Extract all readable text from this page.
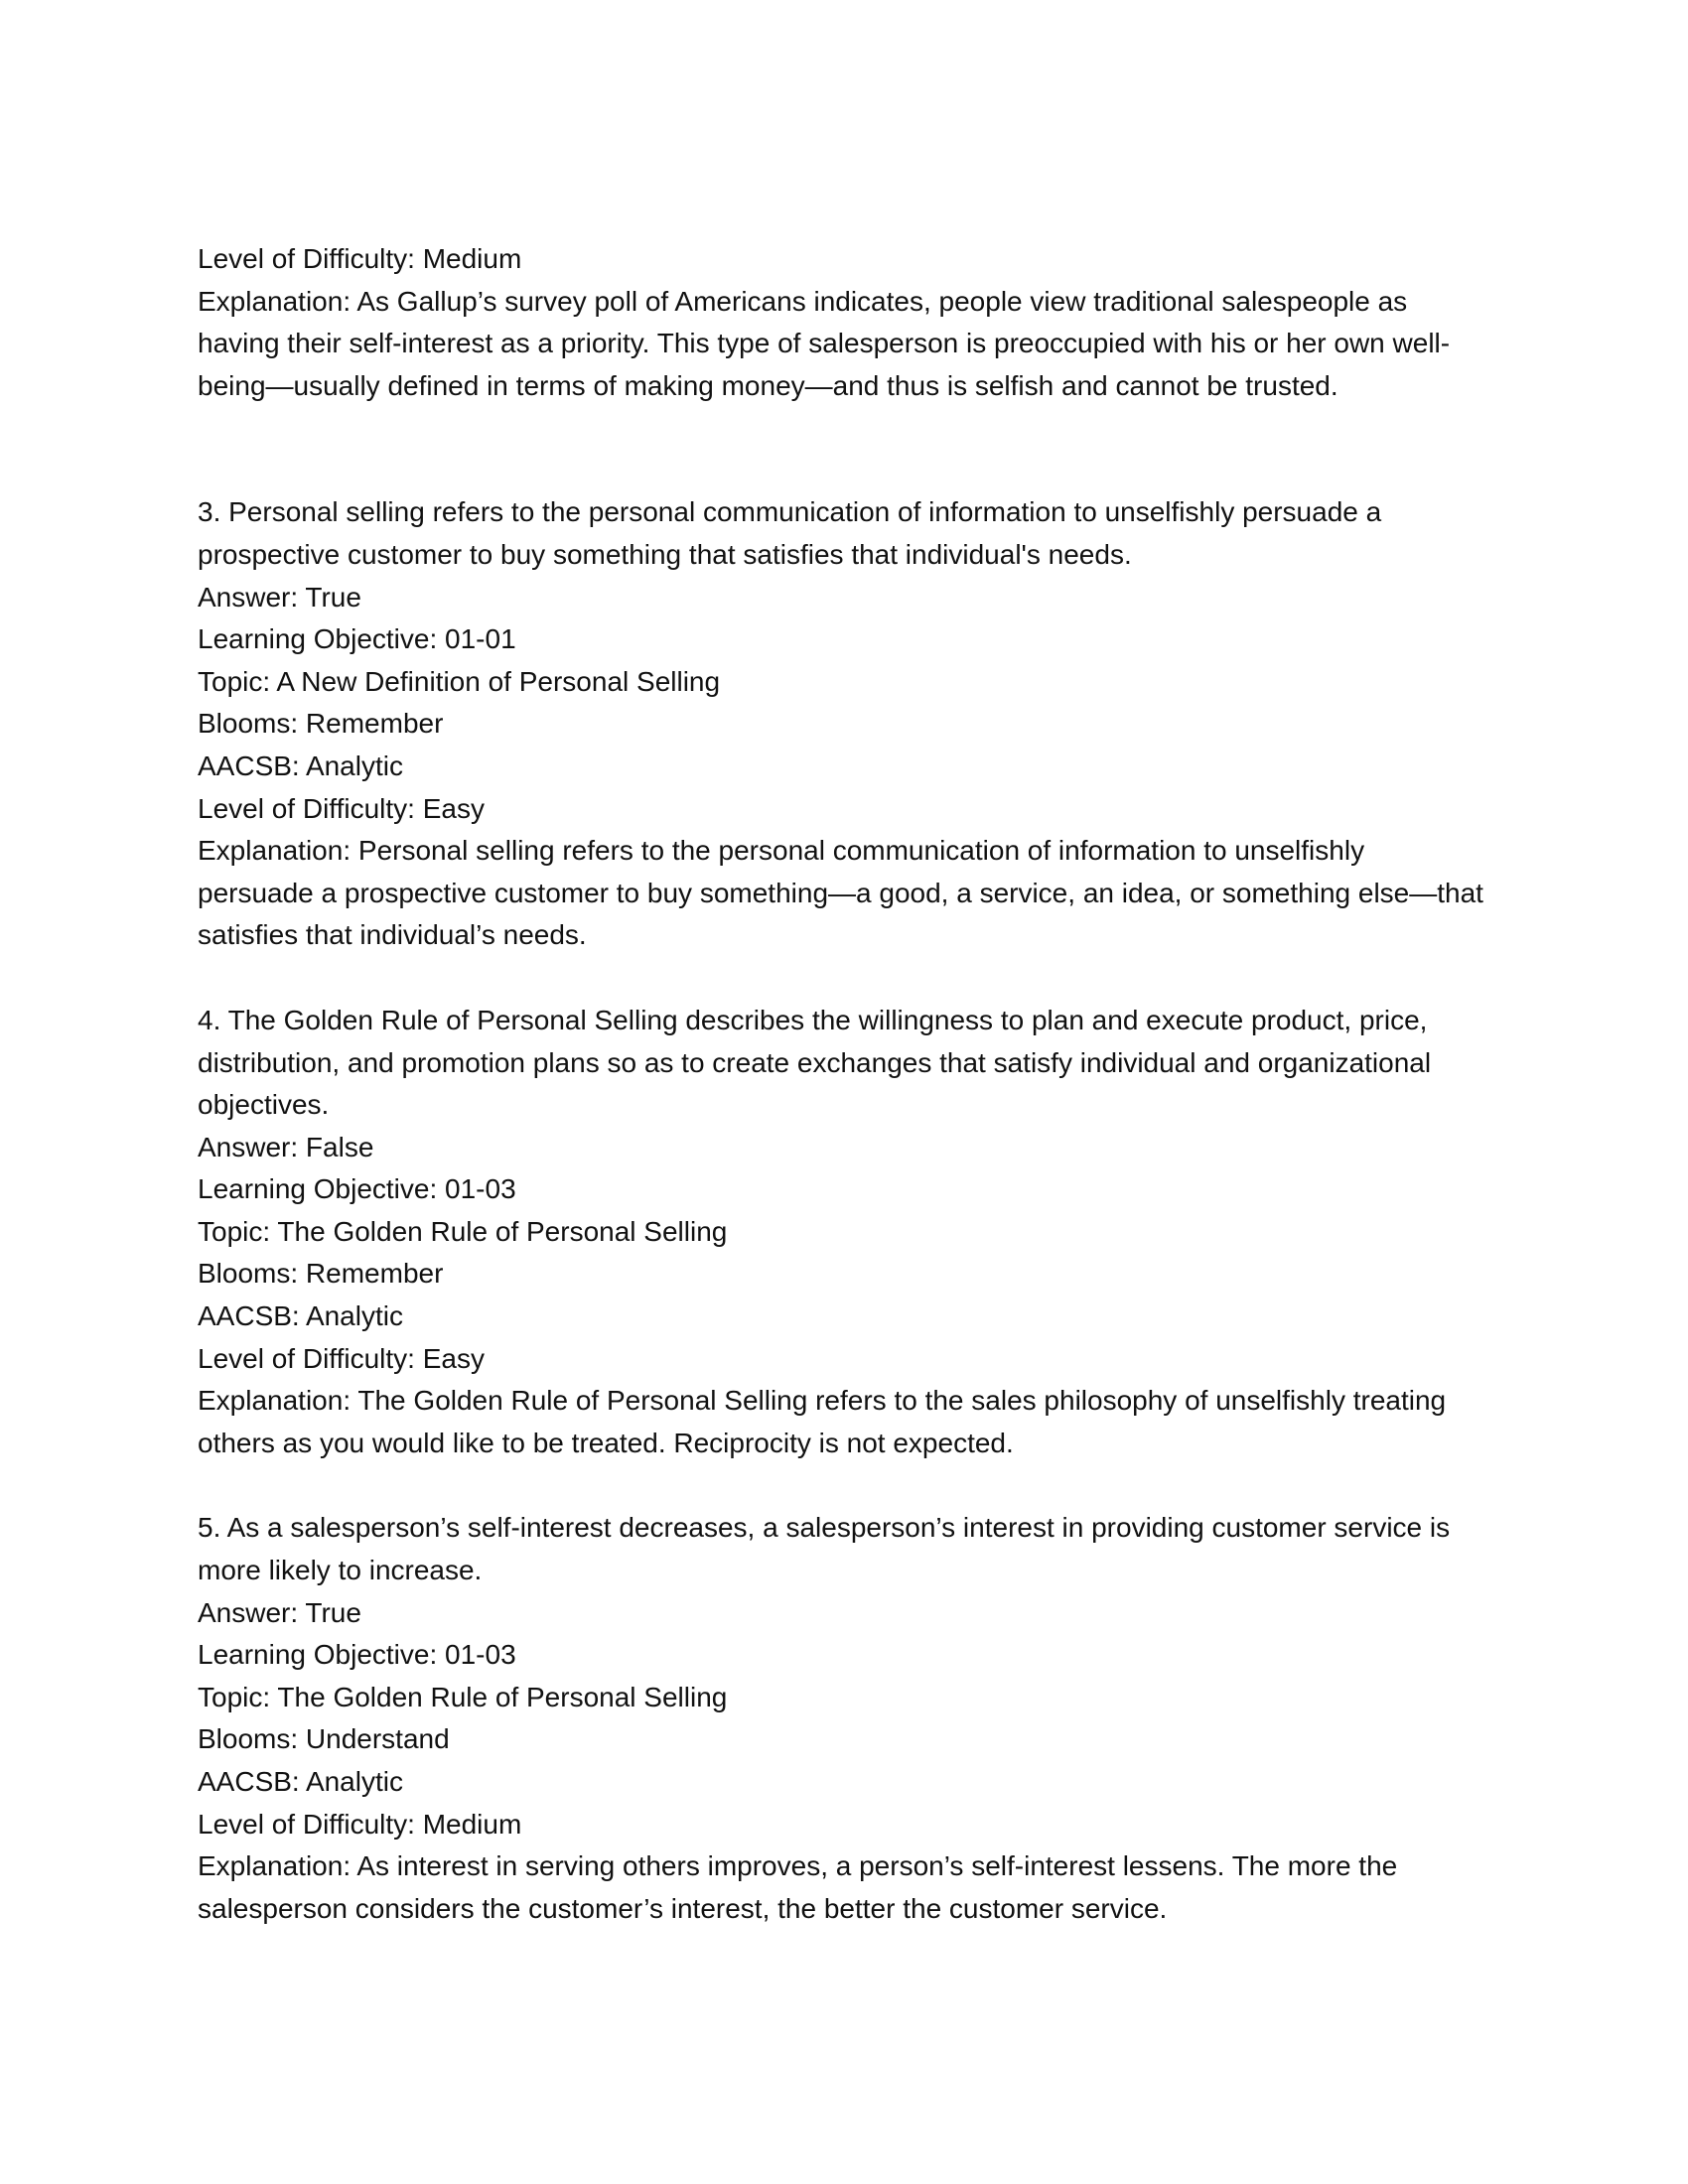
Level of Difficulty: Medium
Explanation: As Gallup’s survey poll of Americans indicates, people view traditional salespeople as
having their self-interest as a priority. This type of salesperson is preoccupied with his or her own well-
being—usually defined in terms of making money—and thus is selfish and cannot be trusted.
3. Personal selling refers to the personal communication of information to unselfishly persuade a
prospective customer to buy something that satisfies that individual's needs.
Answer: True
Learning Objective: 01-01
Topic: A New Definition of Personal Selling
Blooms: Remember
AACSB: Analytic
Level of Difficulty: Easy
Explanation: Personal selling refers to the personal communication of information to unselfishly
persuade a prospective customer to buy something—a good, a service, an idea, or something else—that
satisfies that individual’s needs.
4. The Golden Rule of Personal Selling describes the willingness to plan and execute product, price,
distribution, and promotion plans so as to create exchanges that satisfy individual and organizational
objectives.
Answer: False
Learning Objective: 01-03
Topic: The Golden Rule of Personal Selling
Blooms: Remember
AACSB: Analytic
Level of Difficulty: Easy
Explanation: The Golden Rule of Personal Selling refers to the sales philosophy of unselfishly treating
others as you would like to be treated. Reciprocity is not expected.
5. As a salesperson’s self-interest decreases, a salesperson’s interest in providing customer service is
more likely to increase.
Answer: True
Learning Objective: 01-03
Topic: The Golden Rule of Personal Selling
Blooms: Understand
AACSB: Analytic
Level of Difficulty: Medium
Explanation: As interest in serving others improves, a person’s self-interest lessens. The more the
salesperson considers the customer’s interest, the better the customer service.
